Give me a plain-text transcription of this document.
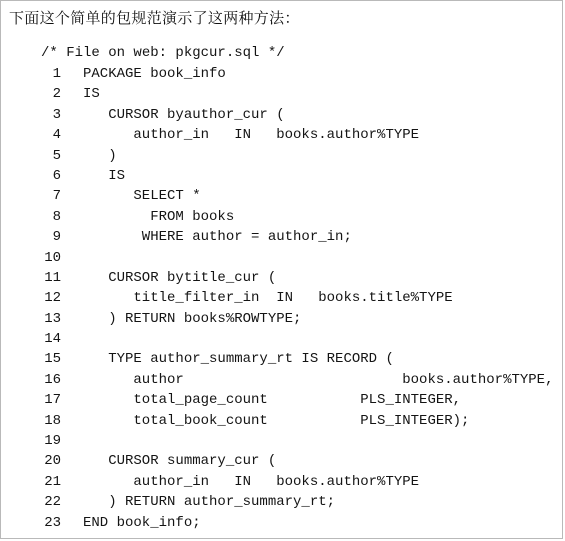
下面这个简单的包规范演示了这两种方法：
/* File on web: pkgcur.sql */
1 PACKAGE book_info
2 IS
3 CURSOR byauthor_cur (
4 author_in   IN   books.author%TYPE
5 )
6 IS
7 SELECT *
8 FROM books
9 WHERE author = author_in;
10
11 CURSOR bytitle_cur (
12 title_filter_in  IN   books.title%TYPE
13 ) RETURN books%ROWTYPE;
14
15 TYPE author_summary_rt IS RECORD (
16 author                          books.author%TYPE,
17 total_page_count           PLS_INTEGER,
18 total_book_count           PLS_INTEGER);
19
20 CURSOR summary_cur (
21 author_in   IN   books.author%TYPE
22 ) RETURN author_summary_rt;
23 END book_info;
